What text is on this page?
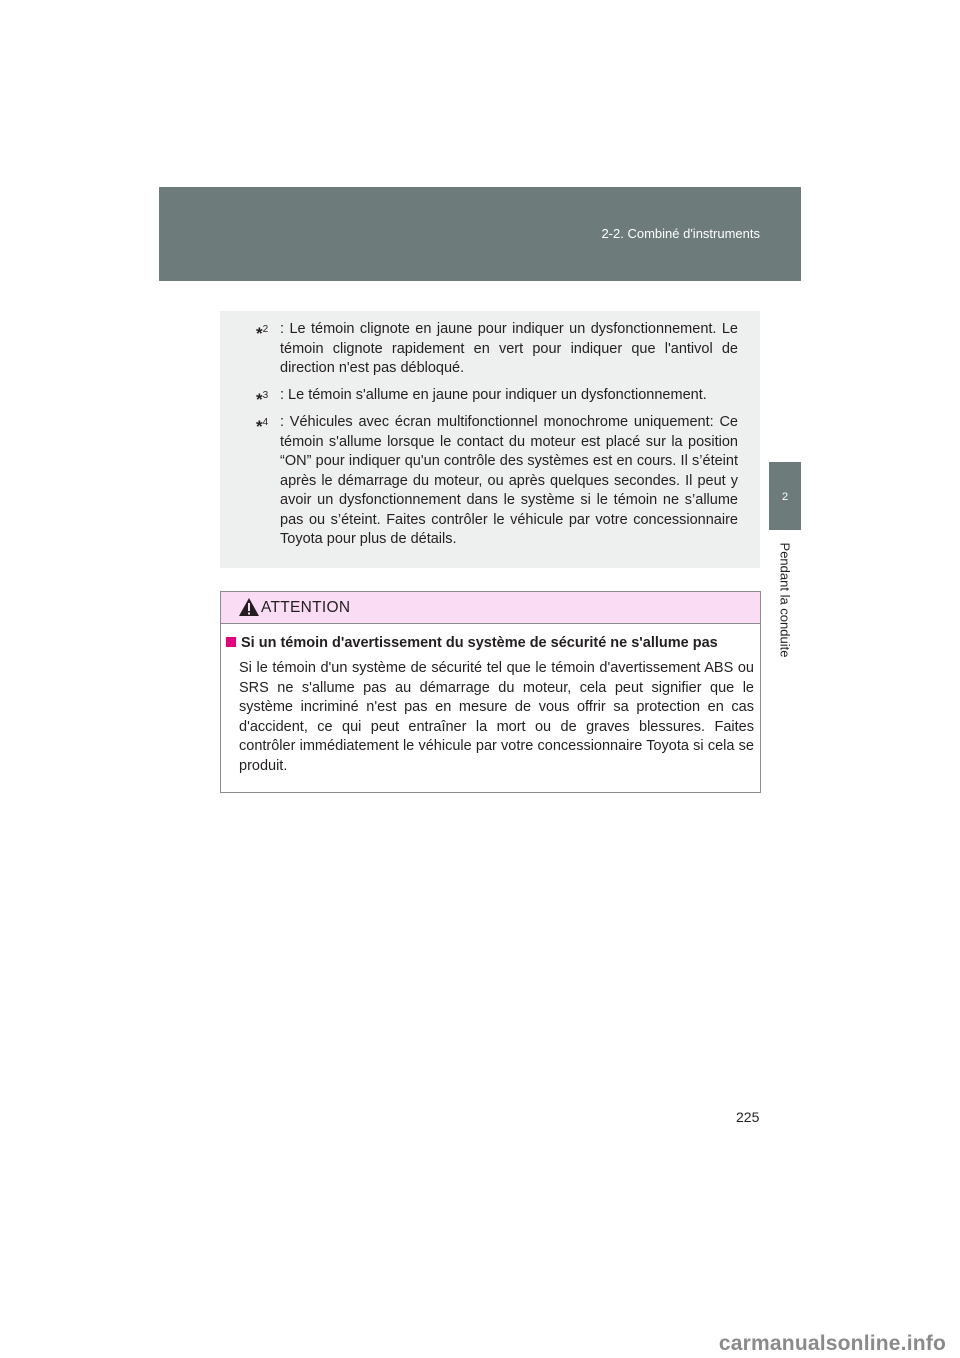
2-2. Combiné d'instruments
2
Pendant la conduite
*$^2$ : Le témoin clignote en jaune pour indiquer un dysfonctionnement. Le témoin clignote rapidement en vert pour indiquer que l'antivol de direction n'est pas débloqué.
*$^3$ : Le témoin s'allume en jaune pour indiquer un dysfonctionnement.
*$^4$ : Véhicules avec écran multifonctionnel monochrome uniquement: Ce témoin s'allume lorsque le contact du moteur est placé sur la position “ON” pour indiquer qu'un contrôle des systèmes est en cours. Il s’éteint après le démarrage du moteur, ou après quelques secondes. Il peut y avoir un dysfonctionnement dans le système si le témoin ne s’allume pas ou s’éteint. Faites contrôler le véhicule par votre concessionnaire Toyota pour plus de détails.
ATTENTION
Si un témoin d'avertissement du système de sécurité ne s'allume pas
Si le témoin d'un système de sécurité tel que le témoin d'avertissement ABS ou SRS ne s'allume pas au démarrage du moteur, cela peut signifier que le système incriminé n'est pas en mesure de vous offrir sa protection en cas d'accident, ce qui peut entraîner la mort ou de graves blessures. Faites contrôler immédiatement le véhicule par votre concessionnaire Toyota si cela se produit.
225
carmanualsonline.info
